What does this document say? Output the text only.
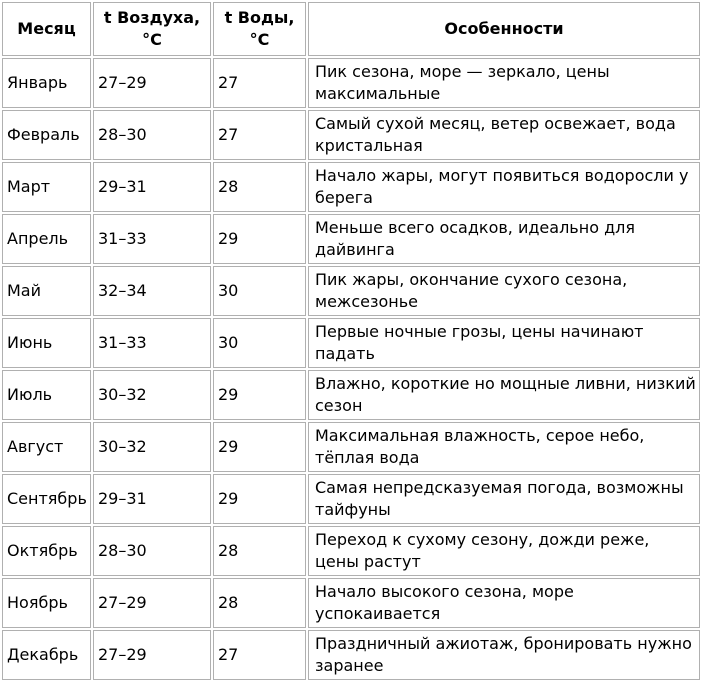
Месяц	t Воздуха, °C	t Воды, °C	Особенности
Январь	27–29	27	Пик сезона, море — зеркало, цены максимальные
Февраль	28–30	27	Самый сухой месяц, ветер освежает, вода кристальная
Март	29–31	28	Начало жары, могут появиться водоросли у берега
Апрель	31–33	29	Меньше всего осадков, идеально для дайвинга
Май	32–34	30	Пик жары, окончание сухого сезона, межсезонье
Июнь	31–33	30	Первые ночные грозы, цены начинают падать
Июль	30–32	29	Влажно, короткие но мощные ливни, низкий сезон
Август	30–32	29	Максимальная влажность, серое небо, тёплая вода
Сентябрь	29–31	29	Самая непредсказуемая погода, возможны тайфуны
Октябрь	28–30	28	Переход к сухому сезону, дожди реже, цены растут
Ноябрь	27–29	28	Начало высокого сезона, море успокаивается
Декабрь	27–29	27	Праздничный ажиотаж, бронировать нужно заранее
